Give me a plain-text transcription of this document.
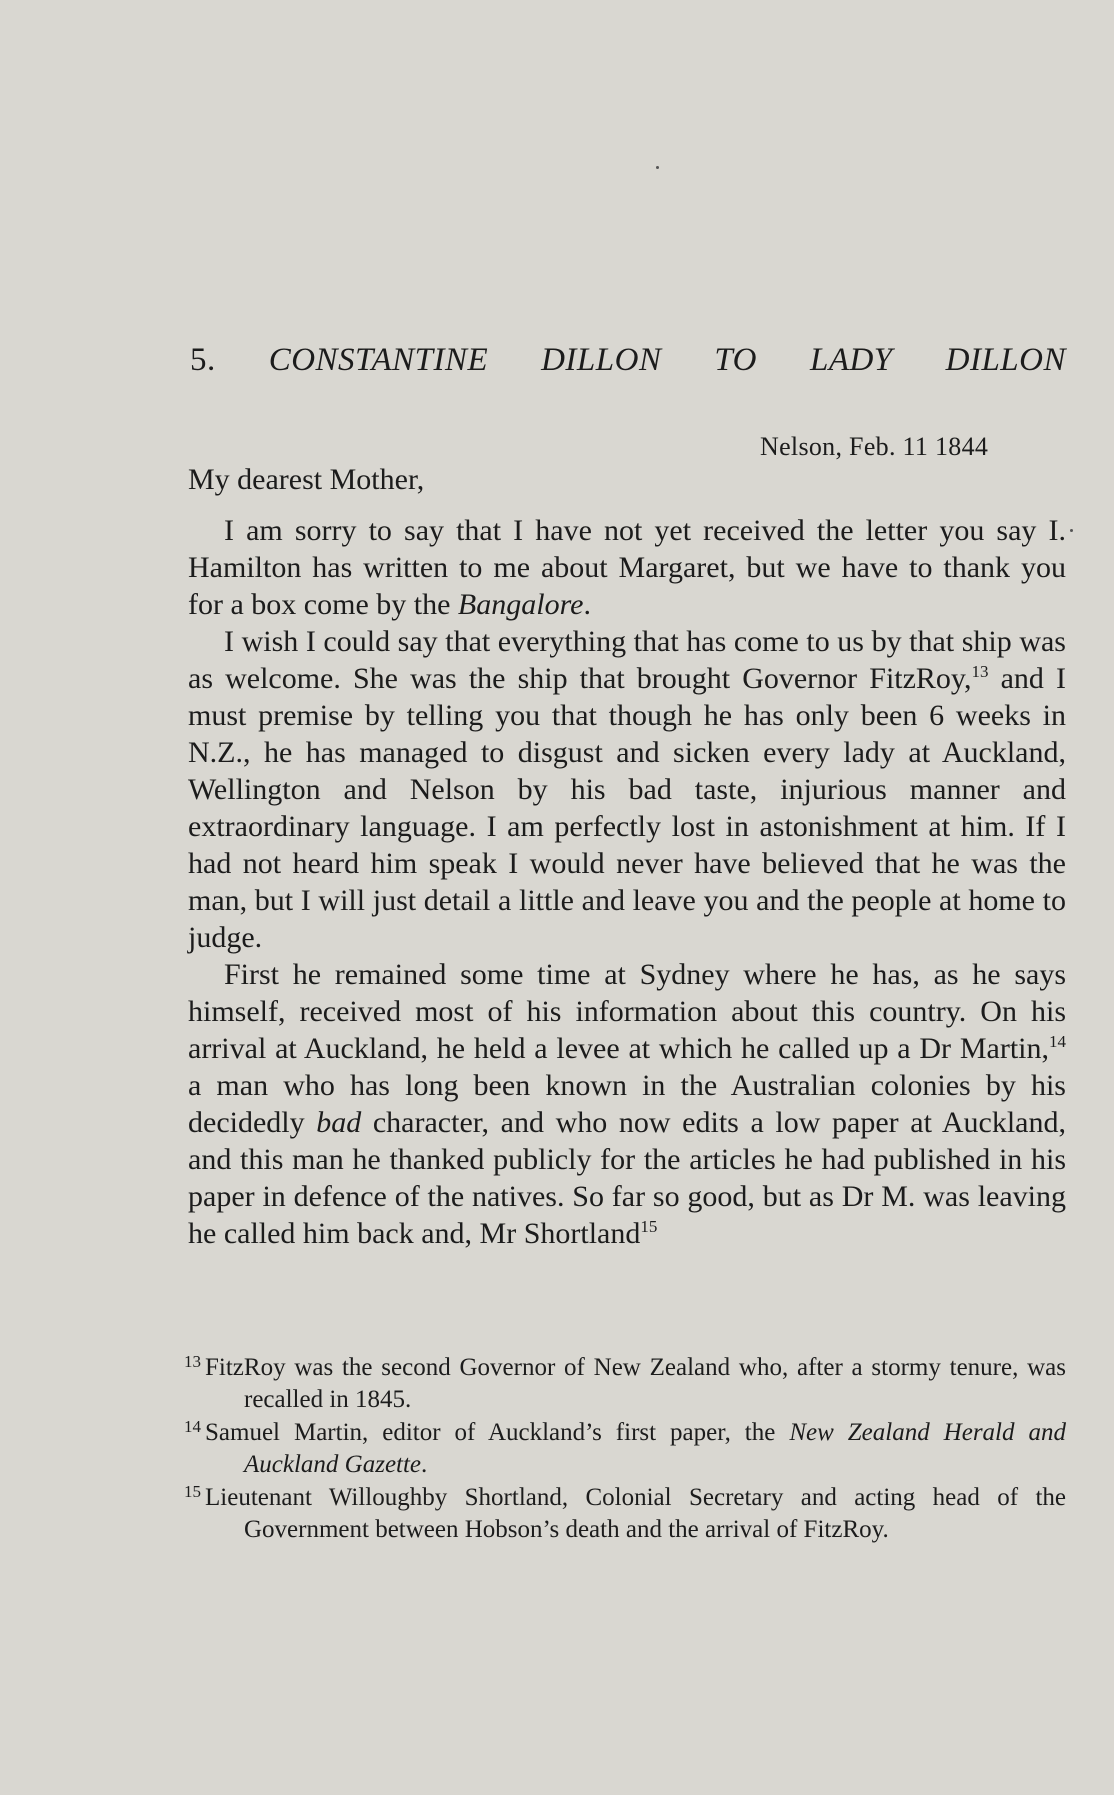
5. CONSTANTINE DILLON TO LADY DILLON
Nelson, Feb. 11 1844
My dearest Mother,

I am sorry to say that I have not yet received the letter you say I. Hamilton has written to me about Margaret, but we have to thank you for a box come by the Bangalore.

I wish I could say that everything that has come to us by that ship was as welcome. She was the ship that brought Governor FitzRoy,$^{13}$ and I must premise by telling you that though he has only been 6 weeks in N.Z., he has managed to disgust and sicken every lady at Auckland, Wellington and Nelson by his bad taste, injurious manner and extraordinary language. I am perfectly lost in astonishment at him. If I had not heard him speak I would never have believed that he was the man, but I will just detail a little and leave you and the people at home to judge.

First he remained some time at Sydney where he has, as he says himself, received most of his information about this country. On his arrival at Auckland, he held a levee at which he called up a Dr Martin,$^{14}$ a man who has long been known in the Australian colonies by his decidedly bad character, and who now edits a low paper at Auckland, and this man he thanked publicly for the articles he had published in his paper in defence of the natives. So far so good, but as Dr M. was leaving he called him back and, Mr Shortland$^{15}$

$^{13}$ FitzRoy was the second Governor of New Zealand who, after a stormy tenure, was recalled in 1845.

$^{14}$ Samuel Martin, editor of Auckland’s first paper, the New Zealand Herald and Auckland Gazette.

$^{15}$ Lieutenant Willoughby Shortland, Colonial Secretary and acting head of the Government between Hobson’s death and the arrival of FitzRoy.
